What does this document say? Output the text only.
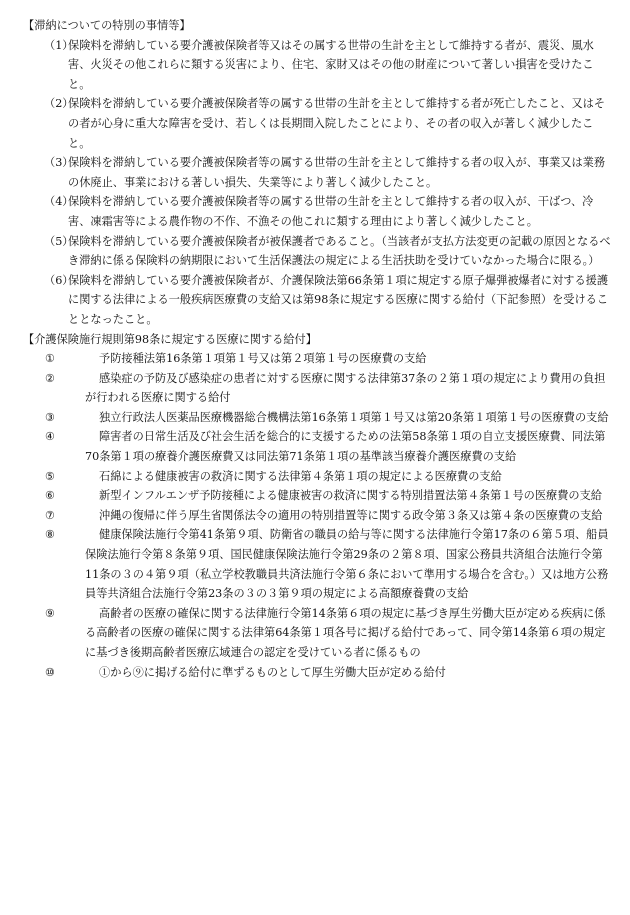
【滞納についての特別の事情等】
（1）
保険料を滞納している要介護被保険者等又はその属する世帯の生計を主として維持する者が、震災、風水害、火災その他これらに類する災害により、住宅、家財又はその他の財産について著しい損害を受けたこと。
（2）
保険料を滞納している要介護被保険者等の属する世帯の生計を主として維持する者が死亡したこと、又はその者が心身に重大な障害を受け、若しくは長期間入院したことにより、その者の収入が著しく減少したこと。
（3）
保険料を滞納している要介護被保険者等の属する世帯の生計を主として維持する者の収入が、事業又は業務の休廃止、事業における著しい損失、失業等により著しく減少したこと。
（4）
保険料を滞納している要介護被保険者等の属する世帯の生計を主として維持する者の収入が、干ばつ、冷害、凍霜害等による農作物の不作、不漁その他これに類する理由により著しく減少したこと。
（5）
保険料を滞納している要介護被保険者が被保護者であること。（当該者が支払方法変更の記載の原因となるべき滞納に係る保険料の納期限において生活保護法の規定による生活扶助を受けていなかった場合に限る。）
（6）
保険料を滞納している要介護被保険者が、介護保険法第66条第１項に規定する原子爆弾被爆者に対する援護に関する法律による一般疾病医療費の支給又は第98条に規定する医療に関する給付（下記参照）を受けることとなったこと。
【介護保険施行規則第98条に規定する医療に関する給付】
①	予防接種法第16条第１項第１号又は第２項第１号の医療費の支給
②	感染症の予防及び感染症の患者に対する医療に関する法律第37条の２第１項の規定により費用の負担が行われる医療に関する給付
③	独立行政法人医薬品医療機器総合機構法第16条第１項第１号又は第20条第１項第１号の医療費の支給
④	障害者の日常生活及び社会生活を総合的に支援するための法第58条第１項の自立支援医療費、同法第70条第１項の療養介護医療費又は同法第71条第１項の基準該当療養介護医療費の支給
⑤	石綿による健康被害の救済に関する法律第４条第１項の規定による医療費の支給
⑥	新型インフルエンザ予防接種による健康被害の救済に関する特別措置法第４条第１号の医療費の支給
⑦	沖縄の復帰に伴う厚生省関係法令の適用の特別措置等に関する政令第３条又は第４条の医療費の支給
⑧	健康保険法施行令第41条第９項、防衛省の職員の給与等に関する法律施行令第17条の６第５項、船員保険法施行令第８条第９項、国民健康保険法施行令第29条の２第８項、国家公務員共済組合法施行令第11条の３の４第９項（私立学校教職員共済法施行令第６条において準用する場合を含む。）又は地方公務員等共済組合法施行令第23条の３の３第９項の規定による高額療養費の支給
⑨	高齢者の医療の確保に関する法律施行令第14条第６項の規定に基づき厚生労働大臣が定める疾病に係る高齢者の医療の確保に関する法律第64条第１項各号に掲げる給付であって、同令第14条第６項の規定に基づき後期高齢者医療広域連合の認定を受けている者に係るもの
⑩	①から⑨に掲げる給付に準ずるものとして厚生労働大臣が定める給付
